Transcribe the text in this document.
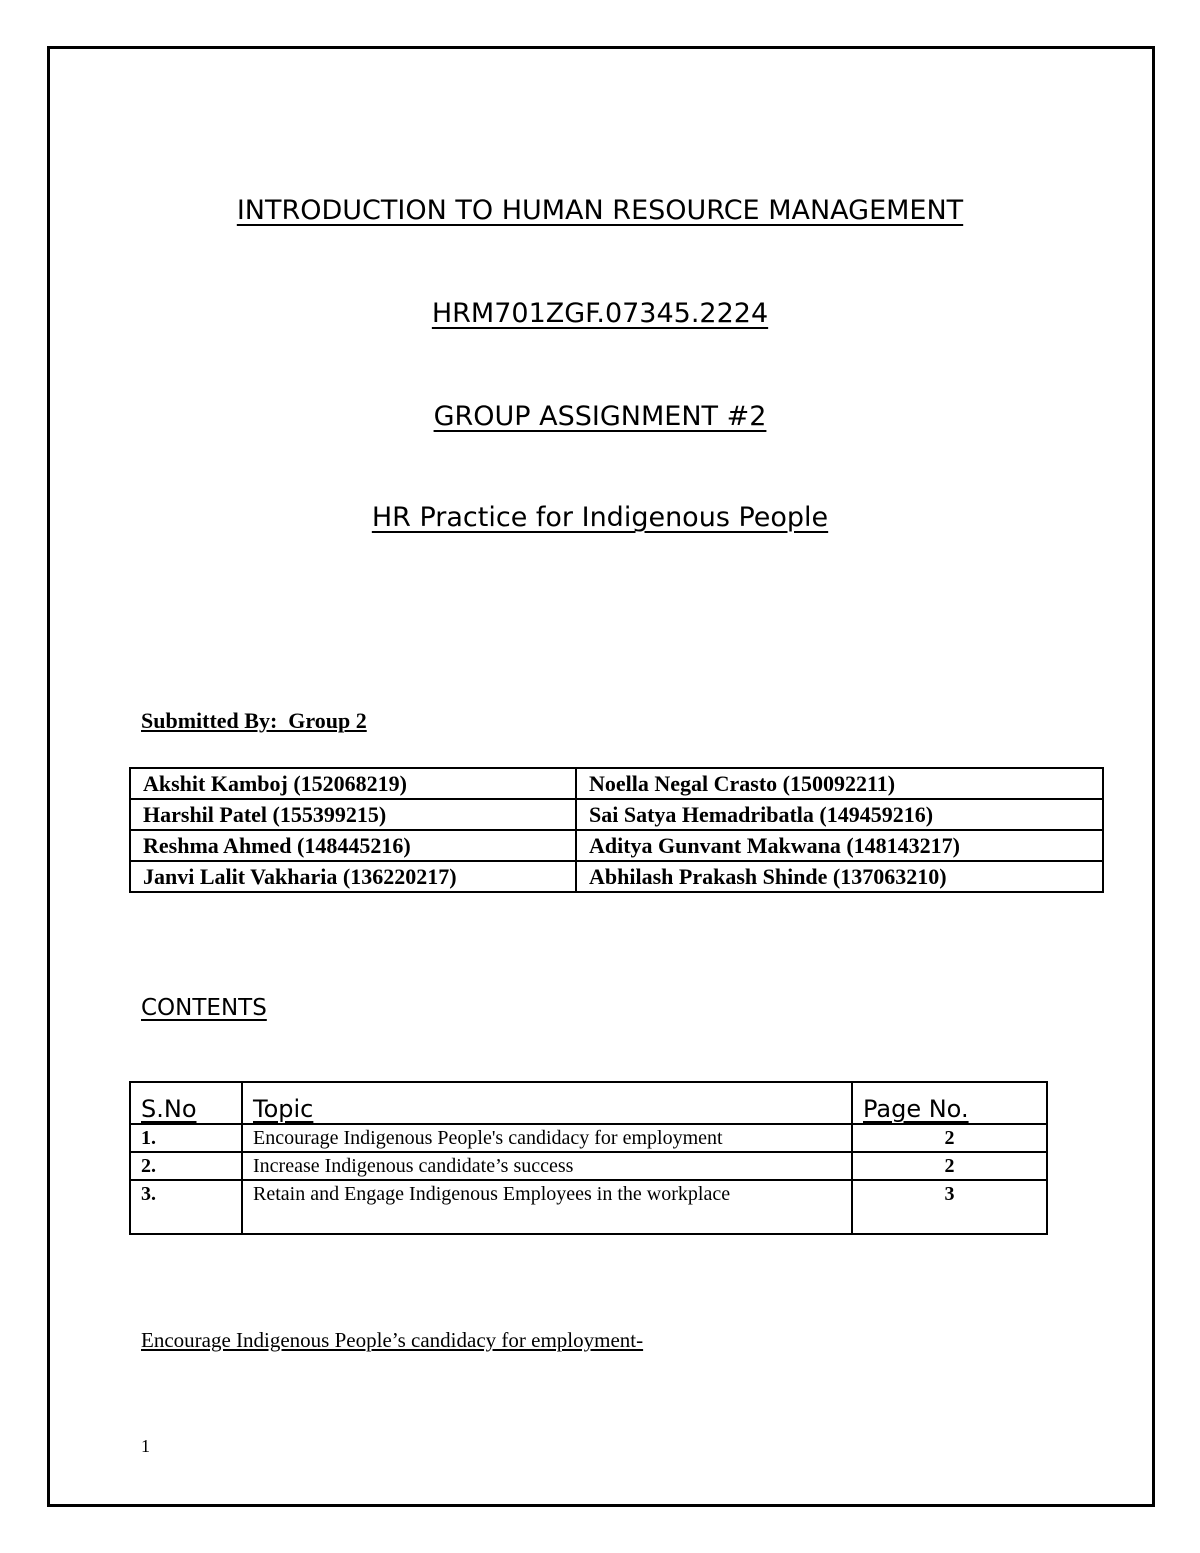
INTRODUCTION TO HUMAN RESOURCE MANAGEMENT
HRM701ZGF.07345.2224
GROUP ASSIGNMENT #2
HR Practice for Indigenous People
Submitted By:  Group 2
Akshit Kamboj (152068219)	Noella Negal Crasto (150092211)
Harshil Patel (155399215)	Sai Satya Hemadribatla (149459216)
Reshma Ahmed (148445216)	Aditya Gunvant Makwana (148143217)
Janvi Lalit Vakharia (136220217)	Abhilash Prakash Shinde (137063210)
CONTENTS
S.No	Topic	Page No.
1.	Encourage Indigenous People's candidacy for employment	2
2.	Increase Indigenous candidate’s success	2
3.	Retain and Engage Indigenous Employees in the workplace	3
Encourage Indigenous People’s candidacy for employment-
1
